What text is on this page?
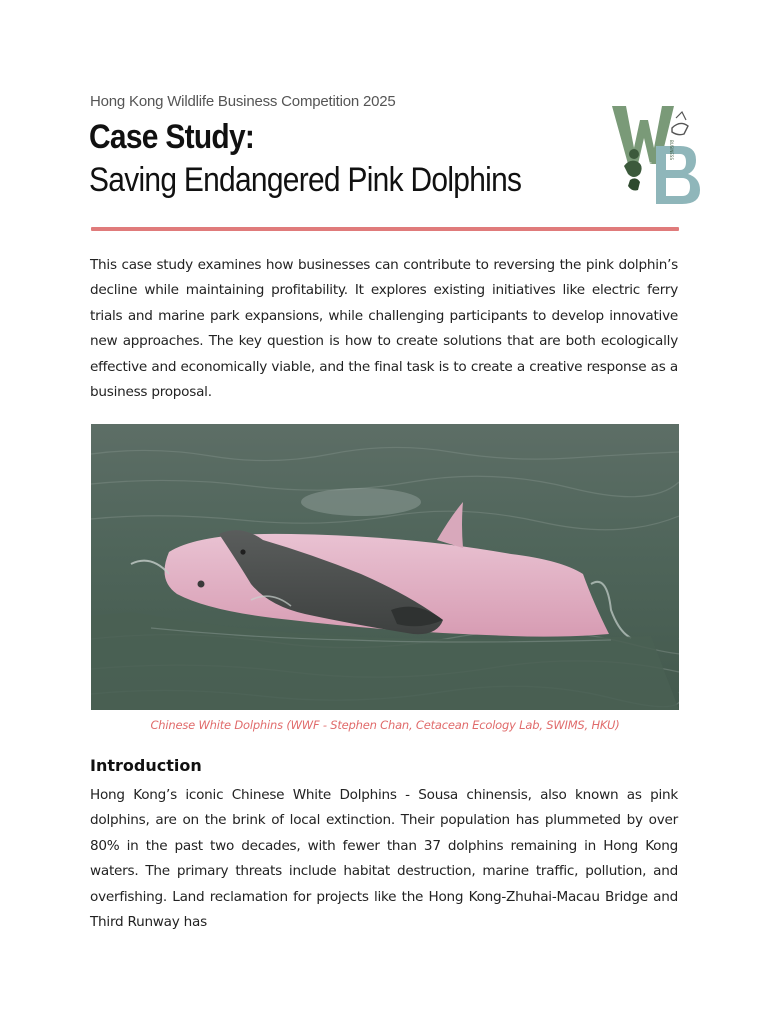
Hong Kong Wildlife Business Competition 2025
Case Study:
Saving Endangered Pink Dolphins	WILDLIFE
BUSINESS
This case study examines how businesses can contribute to reversing the pink dolphin’s decline while maintaining profitability. It explores existing initiatives like electric ferry trials and marine park expansions, while challenging participants to develop innovative new approaches. The key question is how to create solutions that are both ecologically effective and economically viable, and the final task is to create a creative response as a business proposal.
Chinese White Dolphins (WWF - Stephen Chan, Cetacean Ecology Lab, SWIMS, HKU)
Introduction
Hong Kong’s iconic Chinese White Dolphins - Sousa chinensis, also known as pink dolphins, are on the brink of local extinction. Their population has plummeted by over 80% in the past two decades, with fewer than 37 dolphins remaining in Hong Kong waters. The primary threats include habitat destruction, marine traffic, pollution, and overfishing. Land reclamation for projects like the Hong Kong-Zhuhai-Macau Bridge and Third Runway has
